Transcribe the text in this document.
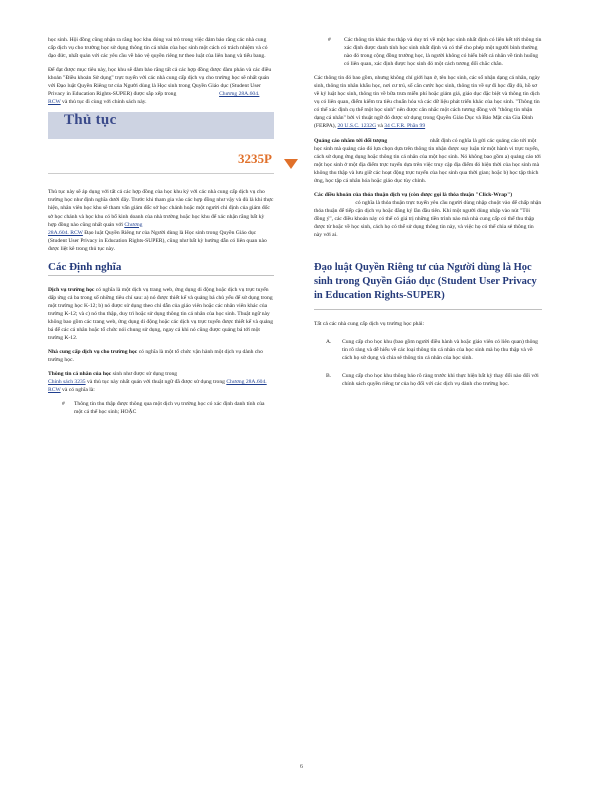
học sinh. Hội đồng cũng nhận ra rằng học khu đóng vai trò trong việc đảm bảo rằng các nhà cung cấp dịch vụ cho trường học sử dụng thông tin cá nhân của học sinh một cách có trách nhiệm và có đạo đức, nhất quán với các yêu cầu về bảo vệ quyền riêng tư theo luật của liên bang và tiểu bang.

Để đạt được mục tiêu này, học khu sẽ đảm bảo rằng tất cả các hợp đồng được đàm phán và các điều khoản "Điều khoản Sử dụng" trực tuyến với các nhà cung cấp dịch vụ cho trường học sẽ nhất quán với Đạo luật Quyền Riêng tư của Người dùng là Học sinh trong Quyền Giáo dục (Student User Privacy in Education Rights-SUPER) được sắp xếp trong	Chương 28A.604.
RCW và thủ tục đi cùng với chính sách này.

Thủ tục
3235P

Thủ tục này sẽ áp dụng với tất cả các hợp đồng của học khu ký với các nhà cung cấp dịch vụ cho trường học như định nghĩa dưới đây. Trước khi tham gia vào các hợp đồng như vậy và đủ là khi thực hiện, nhân viên học khu sẽ tham vấn giám đốc sở học chánh hoặc một người chỉ định của giám đốc sở học chánh và học khu có bổ kinh doanh của nhà trường hoặc học khu để xác nhận rằng bất kỳ hợp đồng nào cũng nhất quán với Chương
28A.604. RCW Đạo luật Quyền Riêng tư của Người dùng là Học sinh trong Quyền Giáo dục (Student User Privacy in Education Rights-SUPER), cũng như bất kỳ hướng dẫn có liên quan nào được liệt kê trong thủ tục này.

Các Định nghĩa

Dịch vụ trường học có nghĩa là một dịch vụ trang web, ứng dụng di động hoặc dịch vụ trực tuyến dấp ứng cả ba trong số những tiêu chí sau: a) nó được thiết kế và quảng bá chủ yếu để sử dụng trong một trường học K-12; b) nó được sử dụng theo chỉ dẫn của giáo viên hoặc các nhân viên khác của trường K-12; và c) nó thu thập, duy trì hoặc sử dụng thông tin cá nhân của học sinh. Thuật ngữ này không bao gồm các trang web, ứng dụng di động hoặc các dịch vụ trực tuyến được thiết kế và quảng bá để các cá nhân hoặc tổ chức nói chung sử dụng, ngay cả khi nó cũng được quảng bá tới một trường K-12.

Nhà cung cấp dịch vụ cho trường học có nghĩa là một tổ chức vận hành một dịch vụ dành cho trường học.

Thông tin cá nhân của học sinh như được sử dụng trong
Chính sách 3235 và thủ tục này nhất quán với thuật ngữ đã được sử dụng trong Chương 28A.604. RCW và có nghĩa là:

# Thông tin thu thập được thông qua một dịch vụ trường học có xác định danh tính của một cá thể học sinh; HOẶC
# Các thông tin khác thu thập và duy trì về một học sinh nhất định có liên kết tới thông tin xác định được danh tính học sinh nhất định và có thể cho phép một người bình thường nào đó trong cộng đồng trường học, là người không có hiểu biết cá nhân về tình huống có liên quan, xác định được học sinh đó một cách tương đối chắc chắn.

Các thông tin đó bao gồm, nhưng không chỉ giới hạn ở, tên học sinh, các số nhận dạng cá nhân, ngày sinh, thông tin nhân khẩu học, nơi cư trú, số căn cước học sinh, thông tin về sự đi học đầy đủ, hồ sơ về kỷ luật học sinh, thông tin về bữa trưa miễn phí hoặc giảm giá, giáo dục đặc biệt và thông tin dịch vụ có liên quan, điểm kiểm tra tiêu chuẩn hóa và các dữ liệu phát triển khác của học sinh. "Thông tin có thể xác định cụ thể một học sinh" nên được cân nhắc một cách tương đồng với "thông tin nhận dạng cá nhân" bởi vì thuật ngữ đó được sử dụng trong Quyền Giáo Dục và Bảo Mật của Gia Đình (FERPA), 20 U.S.C. 1232G và 34 C.F.R. Phần 99

Quảng cáo nhắm tới đối tượng	nhất định có nghĩa là gửi các quảng cáo tới một học sinh mà quảng cáo đó lựa chọn dựa trên thông tin nhận được suy luận từ một hành vi trực tuyến, cách sử dụng ứng dụng hoặc thông tin cá nhân của một học sinh. Nó không bao gồm a) quảng cáo tới một học sinh ở một địa điểm trực tuyến dựa trên việc truy cập địa điểm đó hiện thời của học sinh mà không thu thập và lưu giữ các hoạt động trực tuyến của học sinh qua thời gian; hoặc b) học tập thích ứng, học tập cá nhân hóa hoặc giáo dục tùy chỉnh.

Các điều khoản của thỏa thuận dịch vụ (còn được gọi là thỏa thuận "Click-Wrap")  có nghĩa là thỏa thuận trực tuyến yêu cầu người dùng nhập chuột vào để chấp nhận thỏa thuận để tiếp cận dịch vụ hoặc đăng ký lần đầu tiên. Khi một người dùng nhập vào nút "Tôi đồng ý", các điều khoản này có thể có giá trị những tiền trình nào mà nhà cung cấp có thể thu thập được từ hoặc về học sinh, cách họ có thể sử dụng thông tin này, và việc họ có thể chia sẻ thông tin này với ai.

Đạo luật Quyền Riêng tư của Người dùng là Học sinh trong Quyền Giáo dục (Student User Privacy in Education Rights-SUPER)

Tất cả các nhà cung cấp dịch vụ trường học phải:

A. Cung cấp cho học khu (bao gồm người điều hành và hoặc giáo viên có liên quan) thông tin rõ ràng và dễ hiểu về các loại thông tin cá nhân của học sinh mà họ thu thập và về cách họ sử dụng và chia sẻ thông tin cá nhân của học sinh.
B. Cung cấp cho học khu thông báo rõ ràng trước khi thực hiện bất kỳ thay đổi nào đối với chính sách quyền riêng tư của họ đối với các dịch vụ dành cho trường học.
6
